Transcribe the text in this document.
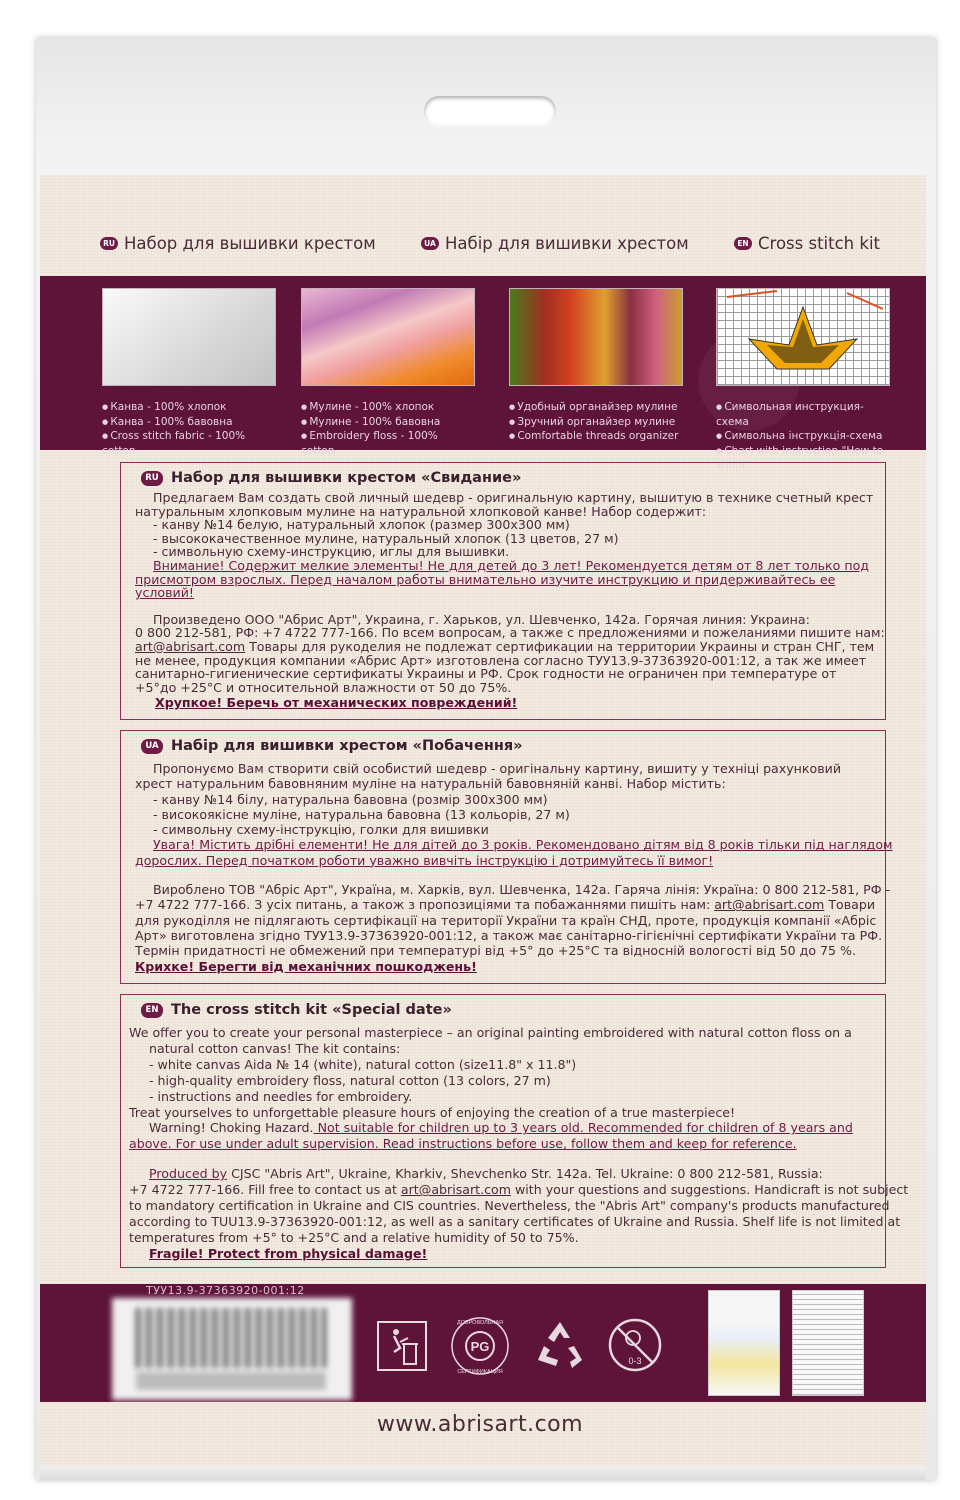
RU Набор для вышивки крестом	UA Набір для вишивки хрестом	EN Cross stitch kit
● Канва - 100% хлопок
● Канва - 100% бавовна
● Cross stitch fabric - 100% cotton
● Мулине - 100% хлопок
● Мулине - 100% бавовна
● Embroidery floss - 100% cotton
● Удобный органайзер мулине
● Зручний органайзер мулине
● Comfortable threads organizer
● Символьная инструкция-схема
● Символьна інструкція-схема
● Chart with instruction "How to stitch"
RU Набор для вышивки крестом «Свидание»
Предлагаем Вам создать свой личный шедевр - оригинальную картину, вышитую в технике счетный крест
натуральным хлопковым мулине на натуральной хлопковой канве! Набор содержит:
- канву №14 белую, натуральный хлопок (размер 300х300 мм)
- высококачественное мулине, натуральный хлопок (13 цветов, 27 м)
- символьную схему-инструкцию, иглы для вышивки.
Внимание! Содержит мелкие элементы! Не для детей до 3 лет! Рекомендуется детям от 8 лет только под
присмотром взрослых. Перед началом работы внимательно изучите инструкцию и придерживайтесь ее
условий!
Произведено ООО "Абрис Арт", Украина, г. Харьков, ул. Шевченко, 142а. Горячая линия: Украина:
0 800 212-581, РФ: +7 4722 777-166. По всем вопросам, а также с предложениями и пожеланиями пишите нам:
art@abrisart.com Товары для рукоделия не подлежат сертификации на территории Украины и стран СНГ, тем
не менее, продукция компании «Абрис Арт» изготовлена согласно ТУУ13.9-37363920-001:12, а так же имеет
санитарно-гигиенические сертификаты Украины и РФ. Срок годности не ограничен при температуре от
+5°до +25°С и относительной влажности от 50 до 75%.
Хрупкое! Беречь от механических повреждений!
UA Набір для вишивки хрестом «Побачення»
Пропонуємо Вам створити свій особистий шедевр - оригінальну картину, вишиту у техніці рахунковий
хрест натуральним бавовняним муліне на натуральній бавовняній канві. Набор містить:
- канву №14 білу, натуральна бавовна (розмір 300х300 мм)
- високоякісне муліне, натуральна бавовна (13 кольорів, 27 м)
- символьну схему-інструкцію, голки для вишивки
Увага! Містить дрібні елементи! Не для дітей до 3 років. Рекомендовано дітям від 8 років тільки під наглядом
дорослих. Перед початком роботи уважно вивчіть інструкцію і дотримуйтесь її вимог!
Вироблено ТОВ "Абріс Арт", Україна, м. Харків, вул. Шевченка, 142а. Гаряча лінія: Україна: 0 800 212-581, РФ -
+7 4722 777-166. З усіх питань, а також з пропозиціями та побажаннями пишіть нам: art@abrisart.com Товари
для рукоділля не підлягають сертифікації на території України та країн СНД, проте, продукція компанії «Абріс
Арт» виготовлена згідно ТУУ13.9-37363920-001:12, а також має санітарно-гігієнічні сертифікати України та РФ.
Термін придатності не обмежений при температурі від +5° до +25°С та відносній вологості від 50 до 75 %.
Крихке! Берегти від механічних пошкоджень!
EN The cross stitch kit «Special date»
We offer you to create your personal masterpiece – an original painting embroidered with natural cotton floss on a
natural cotton canvas! The kit contains:
- white canvas Aida № 14 (white), natural cotton (size11.8" x 11.8")
- high-quality embroidery floss, natural cotton (13 colors, 27 m)
- instructions and needles for embroidery.
Treat yourselves to unforgettable pleasure hours of enjoying the creation of a true masterpiece!
Warning! Choking Hazard. Not suitable for children up to 3 years old. Recommended for children of 8 years and
above. For use under adult supervision. Read instructions before use, follow them and keep for reference.
Produced by CJSC "Abris Art", Ukraine, Kharkiv, Shevchenko Str. 142a. Tel. Ukraine: 0 800 212-581, Russia:
+7 4722 777-166. Fill free to contact us at art@abrisart.com with your questions and suggestions. Handicraft is not subject
to mandatory certification in Ukraine and CIS countries. Nevertheless, the "Abris Art" company's products manufactured
according to TUU13.9-37363920-001:12, as well as a sanitary certificates of Ukraine and Russia. Shelf life is not limited at
temperatures from +5° to +25°C and a relative humidity of 50 to 75%.
Fragile! Protect from physical damage!
ТУУ13.9-37363920-001:12
PG
ДОБРОВОЛЬНАЯ
СЕРТИФИКАЦИЯ
0-3
www.abrisart.com
